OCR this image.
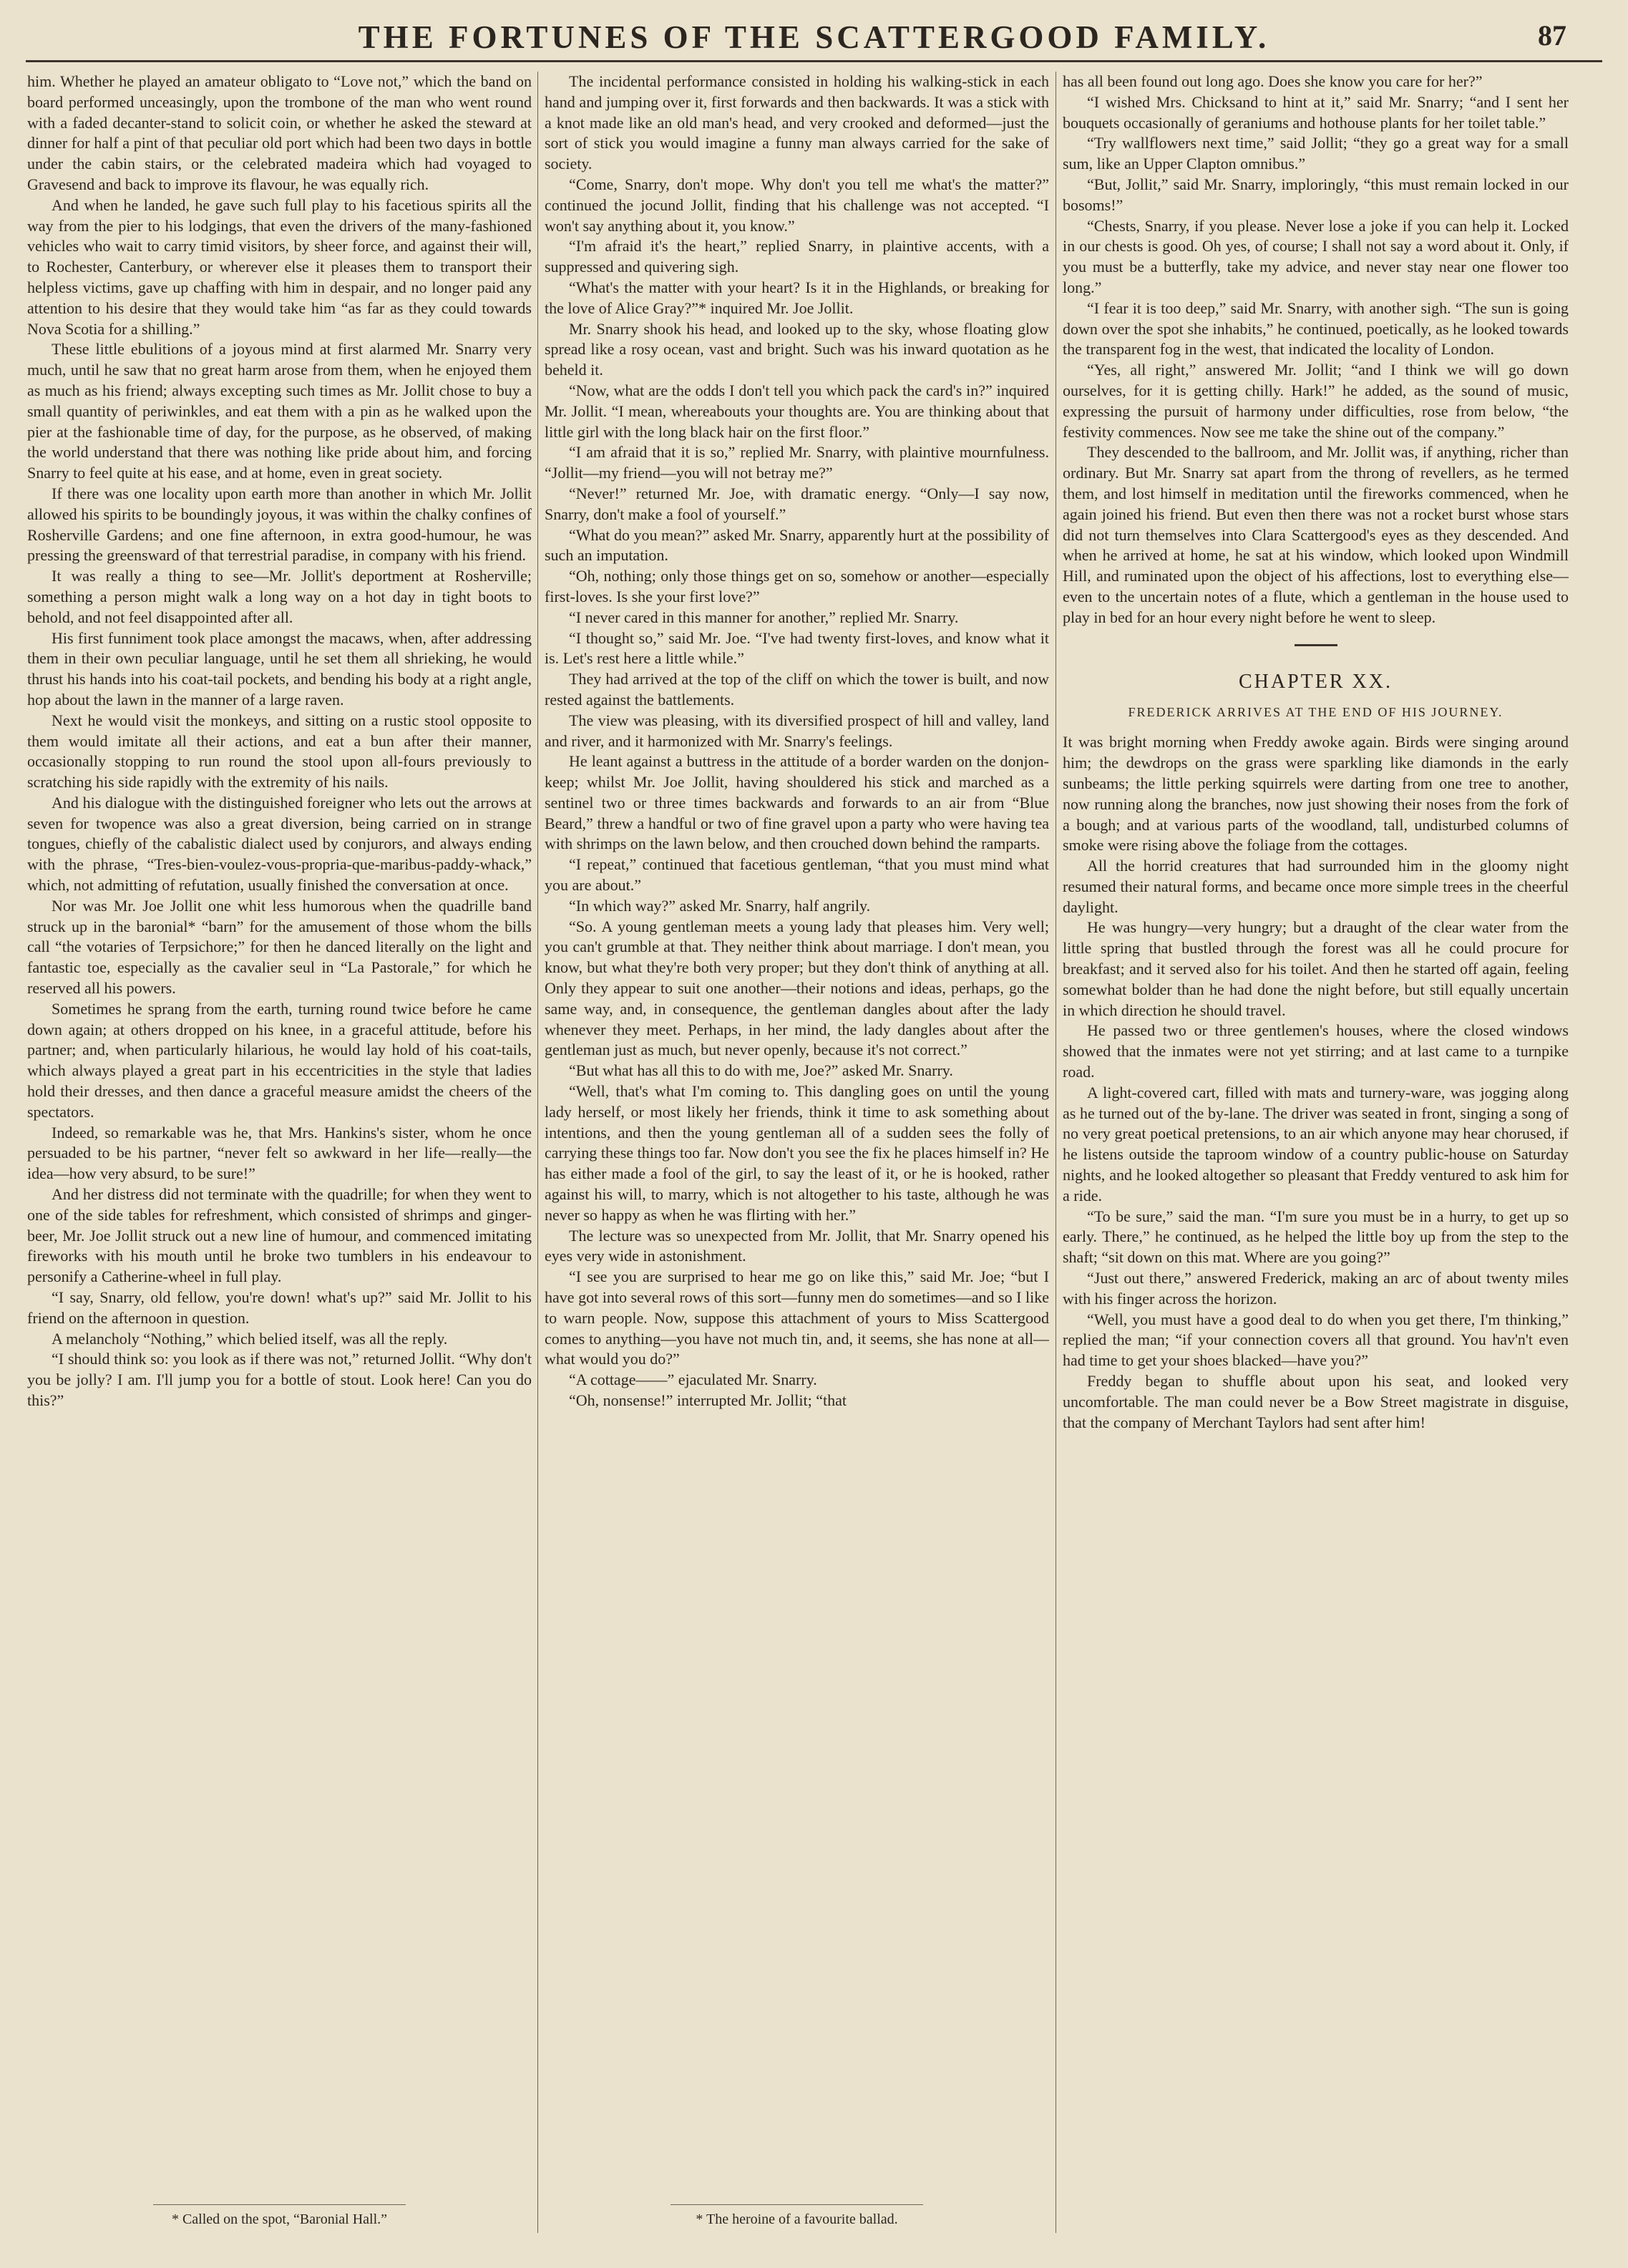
THE FORTUNES OF THE SCATTERGOOD FAMILY.	87

him. Whether he played an amateur obligato to “Love not,” which the band on board performed unceasingly, upon the trombone of the man who went round with a faded decanter-stand to solicit coin, or whether he asked the steward at dinner for half a pint of that peculiar old port which had been two days in bottle under the cabin stairs, or the celebrated madeira which had voyaged to Gravesend and back to improve its flavour, he was equally rich.

And when he landed, he gave such full play to his facetious spirits all the way from the pier to his lodgings, that even the drivers of the many-fashioned vehicles who wait to carry timid visitors, by sheer force, and against their will, to Rochester, Canterbury, or wherever else it pleases them to transport their helpless victims, gave up chaffing with him in despair, and no longer paid any attention to his desire that they would take him “as far as they could towards Nova Scotia for a shilling.”

These little ebulitions of a joyous mind at first alarmed Mr. Snarry very much, until he saw that no great harm arose from them, when he enjoyed them as much as his friend; always excepting such times as Mr. Jollit chose to buy a small quantity of periwinkles, and eat them with a pin as he walked upon the pier at the fashionable time of day, for the purpose, as he observed, of making the world understand that there was nothing like pride about him, and forcing Snarry to feel quite at his ease, and at home, even in great society.

If there was one locality upon earth more than another in which Mr. Jollit allowed his spirits to be boundingly joyous, it was within the chalky confines of Rosherville Gardens; and one fine afternoon, in extra good-humour, he was pressing the greensward of that terrestrial paradise, in company with his friend.

It was really a thing to see—Mr. Jollit's deportment at Rosherville; something a person might walk a long way on a hot day in tight boots to behold, and not feel disappointed after all.

His first funniment took place amongst the macaws, when, after addressing them in their own peculiar language, until he set them all shrieking, he would thrust his hands into his coat-tail pockets, and bending his body at a right angle, hop about the lawn in the manner of a large raven.

Next he would visit the monkeys, and sitting on a rustic stool opposite to them would imitate all their actions, and eat a bun after their manner, occasionally stopping to run round the stool upon all-fours previously to scratching his side rapidly with the extremity of his nails.

And his dialogue with the distinguished foreigner who lets out the arrows at seven for twopence was also a great diversion, being carried on in strange tongues, chiefly of the cabalistic dialect used by conjurors, and always ending with the phrase, “Tres-bien-voulez-vous-propria-que-maribus-paddy-whack,” which, not admitting of refutation, usually finished the conversation at once.

Nor was Mr. Joe Jollit one whit less humorous when the quadrille band struck up in the baronial* “barn” for the amusement of those whom the bills call “the votaries of Terpsichore;” for then he danced literally on the light and fantastic toe, especially as the cavalier seul in “La Pastorale,” for which he reserved all his powers.

Sometimes he sprang from the earth, turning round twice before he came down again; at others dropped on his knee, in a graceful attitude, before his partner; and, when particularly hilarious, he would lay hold of his coat-tails, which always played a great part in his eccentricities in the style that ladies hold their dresses, and then dance a graceful measure amidst the cheers of the spectators.

Indeed, so remarkable was he, that Mrs. Hankins's sister, whom he once persuaded to be his partner, “never felt so awkward in her life—really—the idea—how very absurd, to be sure!”

And her distress did not terminate with the quadrille; for when they went to one of the side tables for refreshment, which consisted of shrimps and ginger-beer, Mr. Joe Jollit struck out a new line of humour, and commenced imitating fireworks with his mouth until he broke two tumblers in his endeavour to personify a Catherine-wheel in full play.

“I say, Snarry, old fellow, you're down! what's up?” said Mr. Jollit to his friend on the afternoon in question.

A melancholy “Nothing,” which belied itself, was all the reply.

“I should think so: you look as if there was not,” returned Jollit. “Why don't you be jolly? I am. I'll jump you for a bottle of stout. Look here! Can you do this?”

The incidental performance consisted in holding his walking-stick in each hand and jumping over it, first forwards and then backwards. It was a stick with a knot made like an old man's head, and very crooked and deformed—just the sort of stick you would imagine a funny man always carried for the sake of society.

“Come, Snarry, don't mope. Why don't you tell me what's the matter?” continued the jocund Jollit, finding that his challenge was not accepted. “I won't say anything about it, you know.”

“I'm afraid it's the heart,” replied Snarry, in plaintive accents, with a suppressed and quivering sigh.

“What's the matter with your heart? Is it in the Highlands, or breaking for the love of Alice Gray?”* inquired Mr. Joe Jollit.

Mr. Snarry shook his head, and looked up to the sky, whose floating glow spread like a rosy ocean, vast and bright. Such was his inward quotation as he beheld it.

“Now, what are the odds I don't tell you which pack the card's in?” inquired Mr. Jollit. “I mean, whereabouts your thoughts are. You are thinking about that little girl with the long black hair on the first floor.”

“I am afraid that it is so,” replied Mr. Snarry, with plaintive mournfulness. “Jollit—my friend—you will not betray me?”

“Never!” returned Mr. Joe, with dramatic energy. “Only—I say now, Snarry, don't make a fool of yourself.”

“What do you mean?” asked Mr. Snarry, apparently hurt at the possibility of such an imputation.

“Oh, nothing; only those things get on so, somehow or another—especially first-loves. Is she your first love?”

“I never cared in this manner for another,” replied Mr. Snarry.

“I thought so,” said Mr. Joe. “I've had twenty first-loves, and know what it is. Let's rest here a little while.”

They had arrived at the top of the cliff on which the tower is built, and now rested against the battlements.

The view was pleasing, with its diversified prospect of hill and valley, land and river, and it harmonized with Mr. Snarry's feelings.

He leant against a buttress in the attitude of a border warden on the donjon-keep; whilst Mr. Joe Jollit, having shouldered his stick and marched as a sentinel two or three times backwards and forwards to an air from “Blue Beard,” threw a handful or two of fine gravel upon a party who were having tea with shrimps on the lawn below, and then crouched down behind the ramparts.

“I repeat,” continued that facetious gentleman, “that you must mind what you are about.”

“In which way?” asked Mr. Snarry, half angrily.

“So. A young gentleman meets a young lady that pleases him. Very well; you can't grumble at that. They neither think about marriage. I don't mean, you know, but what they're both very proper; but they don't think of anything at all. Only they appear to suit one another—their notions and ideas, perhaps, go the same way, and, in consequence, the gentleman dangles about after the lady whenever they meet. Perhaps, in her mind, the lady dangles about after the gentleman just as much, but never openly, because it's not correct.”

“But what has all this to do with me, Joe?” asked Mr. Snarry.

“Well, that's what I'm coming to. This dangling goes on until the young lady herself, or most likely her friends, think it time to ask something about intentions, and then the young gentleman all of a sudden sees the folly of carrying these things too far. Now don't you see the fix he places himself in? He has either made a fool of the girl, to say the least of it, or he is hooked, rather against his will, to marry, which is not altogether to his taste, although he was never so happy as when he was flirting with her.”

The lecture was so unexpected from Mr. Jollit, that Mr. Snarry opened his eyes very wide in astonishment.

“I see you are surprised to hear me go on like this,” said Mr. Joe; “but I have got into several rows of this sort—funny men do sometimes—and so I like to warn people. Now, suppose this attachment of yours to Miss Scattergood comes to anything—you have not much tin, and, it seems, she has none at all—what would you do?”

“A cottage——” ejaculated Mr. Snarry.

“Oh, nonsense!” interrupted Mr. Jollit; “that

has all been found out long ago. Does she know you care for her?”

“I wished Mrs. Chicksand to hint at it,” said Mr. Snarry; “and I sent her bouquets occasionally of geraniums and hothouse plants for her toilet table.”

“Try wallflowers next time,” said Jollit; “they go a great way for a small sum, like an Upper Clapton omnibus.”

“But, Jollit,” said Mr. Snarry, imploringly, “this must remain locked in our bosoms!”

“Chests, Snarry, if you please. Never lose a joke if you can help it. Locked in our chests is good. Oh yes, of course; I shall not say a word about it. Only, if you must be a butterfly, take my advice, and never stay near one flower too long.”

“I fear it is too deep,” said Mr. Snarry, with another sigh. “The sun is going down over the spot she inhabits,” he continued, poetically, as he looked towards the transparent fog in the west, that indicated the locality of London.

“Yes, all right,” answered Mr. Jollit; “and I think we will go down ourselves, for it is getting chilly. Hark!” he added, as the sound of music, expressing the pursuit of harmony under difficulties, rose from below, “the festivity commences. Now see me take the shine out of the company.”

They descended to the ballroom, and Mr. Jollit was, if anything, richer than ordinary. But Mr. Snarry sat apart from the throng of revellers, as he termed them, and lost himself in meditation until the fireworks commenced, when he again joined his friend. But even then there was not a rocket burst whose stars did not turn themselves into Clara Scattergood's eyes as they descended. And when he arrived at home, he sat at his window, which looked upon Windmill Hill, and ruminated upon the object of his affections, lost to everything else—even to the uncertain notes of a flute, which a gentleman in the house used to play in bed for an hour every night before he went to sleep.

CHAPTER XX.
FREDERICK ARRIVES AT THE END OF HIS JOURNEY.

It was bright morning when Freddy awoke again. Birds were singing around him; the dewdrops on the grass were sparkling like diamonds in the early sunbeams; the little perking squirrels were darting from one tree to another, now running along the branches, now just showing their noses from the fork of a bough; and at various parts of the woodland, tall, undisturbed columns of smoke were rising above the foliage from the cottages.

All the horrid creatures that had surrounded him in the gloomy night resumed their natural forms, and became once more simple trees in the cheerful daylight.

He was hungry—very hungry; but a draught of the clear water from the little spring that bustled through the forest was all he could procure for breakfast; and it served also for his toilet. And then he started off again, feeling somewhat bolder than he had done the night before, but still equally uncertain in which direction he should travel.

He passed two or three gentlemen's houses, where the closed windows showed that the inmates were not yet stirring; and at last came to a turnpike road.

A light-covered cart, filled with mats and turnery-ware, was jogging along as he turned out of the by-lane. The driver was seated in front, singing a song of no very great poetical pretensions, to an air which anyone may hear chorused, if he listens outside the taproom window of a country public-house on Saturday nights, and he looked altogether so pleasant that Freddy ventured to ask him for a ride.

“To be sure,” said the man. “I'm sure you must be in a hurry, to get up so early. There,” he continued, as he helped the little boy up from the step to the shaft; “sit down on this mat. Where are you going?”

“Just out there,” answered Frederick, making an arc of about twenty miles with his finger across the horizon.

“Well, you must have a good deal to do when you get there, I'm thinking,” replied the man; “if your connection covers all that ground. You hav'n't even had time to get your shoes blacked—have you?”

Freddy began to shuffle about upon his seat, and looked very uncomfortable. The man could never be a Bow Street magistrate in disguise, that the company of Merchant Taylors had sent after him!

* Called on the spot, “Baronial Hall.”	* The heroine of a favourite ballad.
